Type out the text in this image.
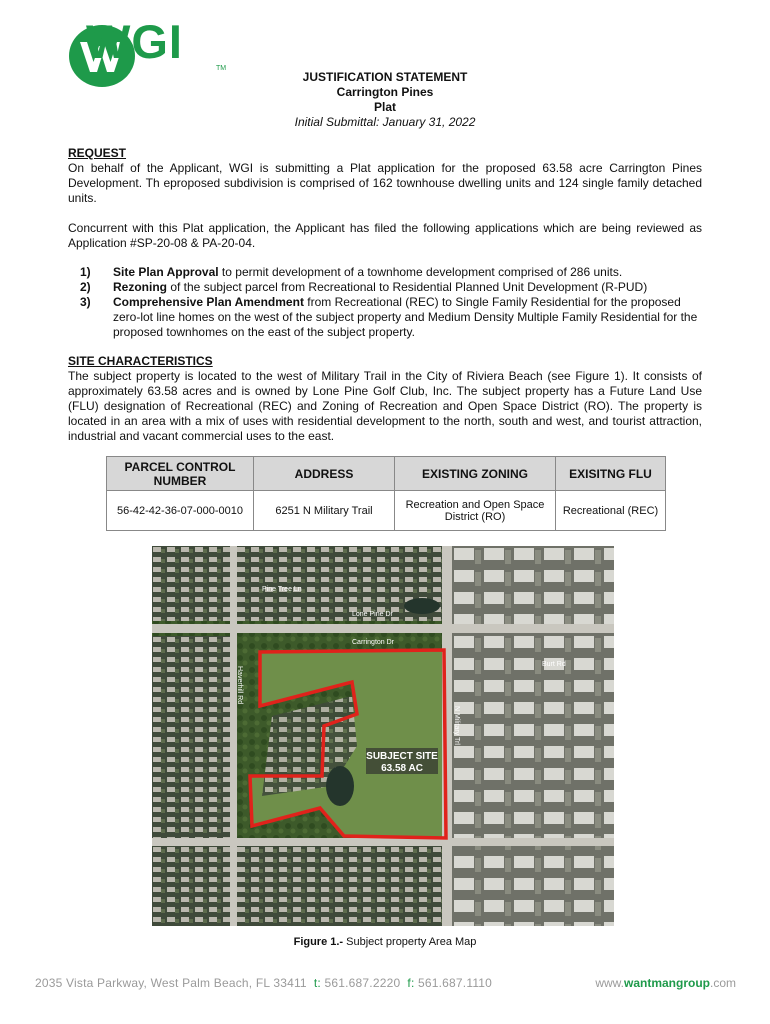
WGI
TM
JUSTIFICATION STATEMENT
Carrington Pines
Plat
Initial Submittal: January 31, 2022
REQUEST
On behalf of the Applicant, WGI is submitting a Plat application for the proposed 63.58 acre Carrington Pines Development. Th eproposed subdivision is comprised of 162 townhouse dwelling units and 124 single family detached units.
Concurrent with this Plat application, the Applicant has filed the following applications which are being reviewed as Application #SP-20-08 & PA-20-04.
1) Site Plan Approval to permit development of a townhome development comprised of 286 units.
2) Rezoning of the subject parcel from Recreational to Residential Planned Unit Development (R-PUD)
3) Comprehensive Plan Amendment from Recreational (REC) to Single Family Residential for the proposed zero-lot line homes on the west of the subject property and Medium Density Multiple Family Residential for the proposed townhomes on the east of the subject property.
SITE CHARACTERISTICS
The subject property is located to the west of Military Trail in the City of Riviera Beach (see Figure 1). It consists of approximately 63.58 acres and is owned by Lone Pine Golf Club, Inc. The subject property has a Future Land Use (FLU) designation of Recreational (REC) and Zoning of Recreation and Open Space District (RO). The property is located in an area with a mix of uses with residential development to the north, south and west, and tourist attraction, industrial and vacant commercial uses to the east.
PARCEL CONTROL NUMBER	ADDRESS	EXISTING ZONING	EXISITNG FLU
56-42-42-36-07-000-0010	6251 N Military Trail	Recreation and Open Space District (RO)	Recreational (REC)
SUBJECT SITE
63.58 AC
N Military Trl
Haverhill Rd
Carrington Dr
Pine Tree Ln
Lone Pine Dr
Burt Rd
Figure 1.- Subject property Area Map
2035 Vista Parkway, West Palm Beach, FL 33411 t: 561.687.2220 f: 561.687.1110	www.wantmangroup.com
